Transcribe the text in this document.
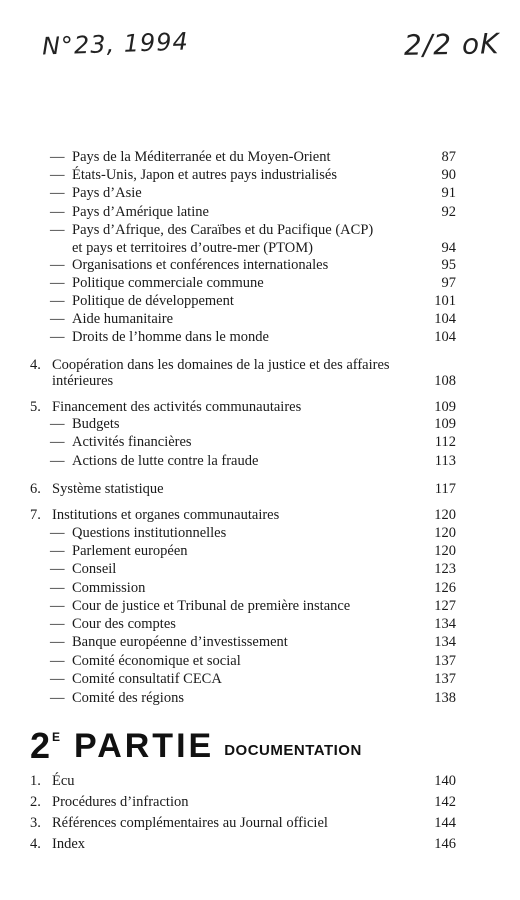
N°23, 1994	2/2 oK
— Pays de la Méditerranée et du Moyen-Orient	87
— États-Unis, Japon et autres pays industrialisés	90
— Pays d’Asie	91
— Pays d’Amérique latine	92
— Pays d’Afrique, des Caraïbes et du Pacifique (ACP)
et pays et territoires d’outre-mer (PTOM)	94
— Organisations et conférences internationales	95
— Politique commerciale commune	97
— Politique de développement	101
— Aide humanitaire	104
— Droits de l’homme dans le monde	104
4. Coopération dans les domaines de la justice et des affaires
intérieures	108
5. Financement des activités communautaires	109
— Budgets	109
— Activités financières	112
— Actions de lutte contre la fraude	113
6. Système statistique	117
7. Institutions et organes communautaires	120
— Questions institutionnelles	120
— Parlement européen	120
— Conseil	123
— Commission	126
— Cour de justice et Tribunal de première instance	127
— Cour des comptes	134
— Banque européenne d’investissement	134
— Comité économique et social	137
— Comité consultatif CECA	137
— Comité des régions	138
1. Écu	140
2. Procédures d’infraction	142
3. Références complémentaires au Journal officiel	144
4. Index	146
2 E PARTIE DOCUMENTATION
